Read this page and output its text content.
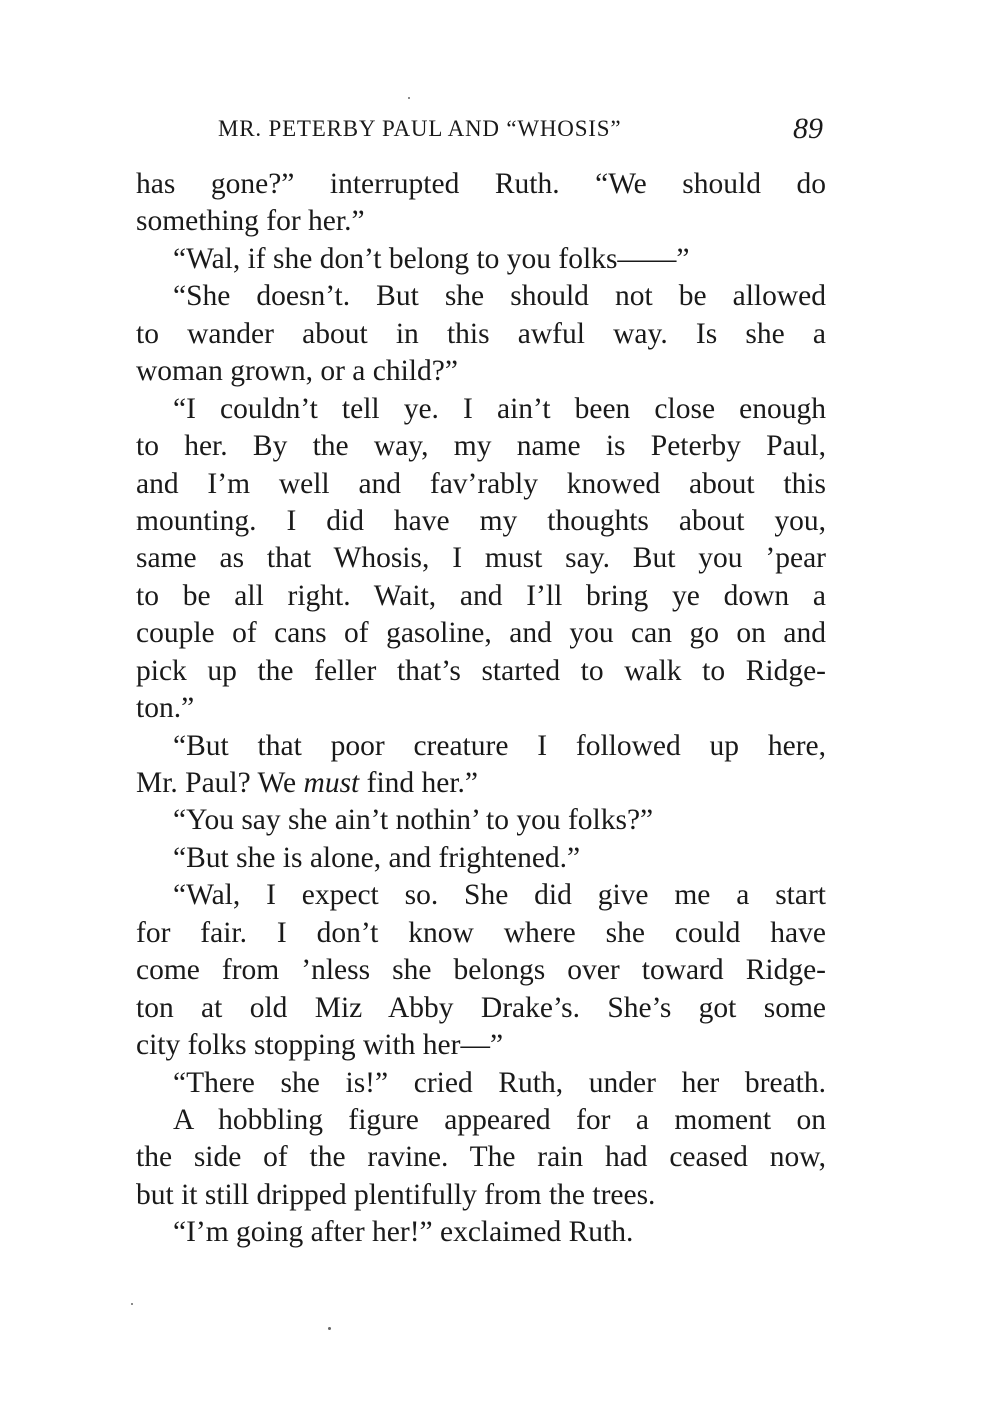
MR. PETERBY PAUL AND “WHOSIS”	89
has gone?” interrupted Ruth. “We should do
something for her.”
“Wal, if she don’t belong to you folks——”
“She doesn’t. But she should not be allowed
to wander about in this awful way. Is she a
woman grown, or a child?”
“I couldn’t tell ye. I ain’t been close enough
to her. By the way, my name is Peterby Paul,
and I’m well and fav’rably knowed about this
mounting. I did have my thoughts about you,
same as that Whosis, I must say. But you ’pear
to be all right. Wait, and I’ll bring ye down a
couple of cans of gasoline, and you can go on and
pick up the feller that’s started to walk to Ridge-
ton.”
“But that poor creature I followed up here,
Mr. Paul? We must find her.”
“You say she ain’t nothin’ to you folks?”
“But she is alone, and frightened.”
“Wal, I expect so. She did give me a start
for fair. I don’t know where she could have
come from ’nless she belongs over toward Ridge-
ton at old Miz Abby Drake’s. She’s got some
city folks stopping with her—”
“There she is!” cried Ruth, under her breath.
A hobbling figure appeared for a moment on
the side of the ravine. The rain had ceased now,
but it still dripped plentifully from the trees.
“I’m going after her!” exclaimed Ruth.
